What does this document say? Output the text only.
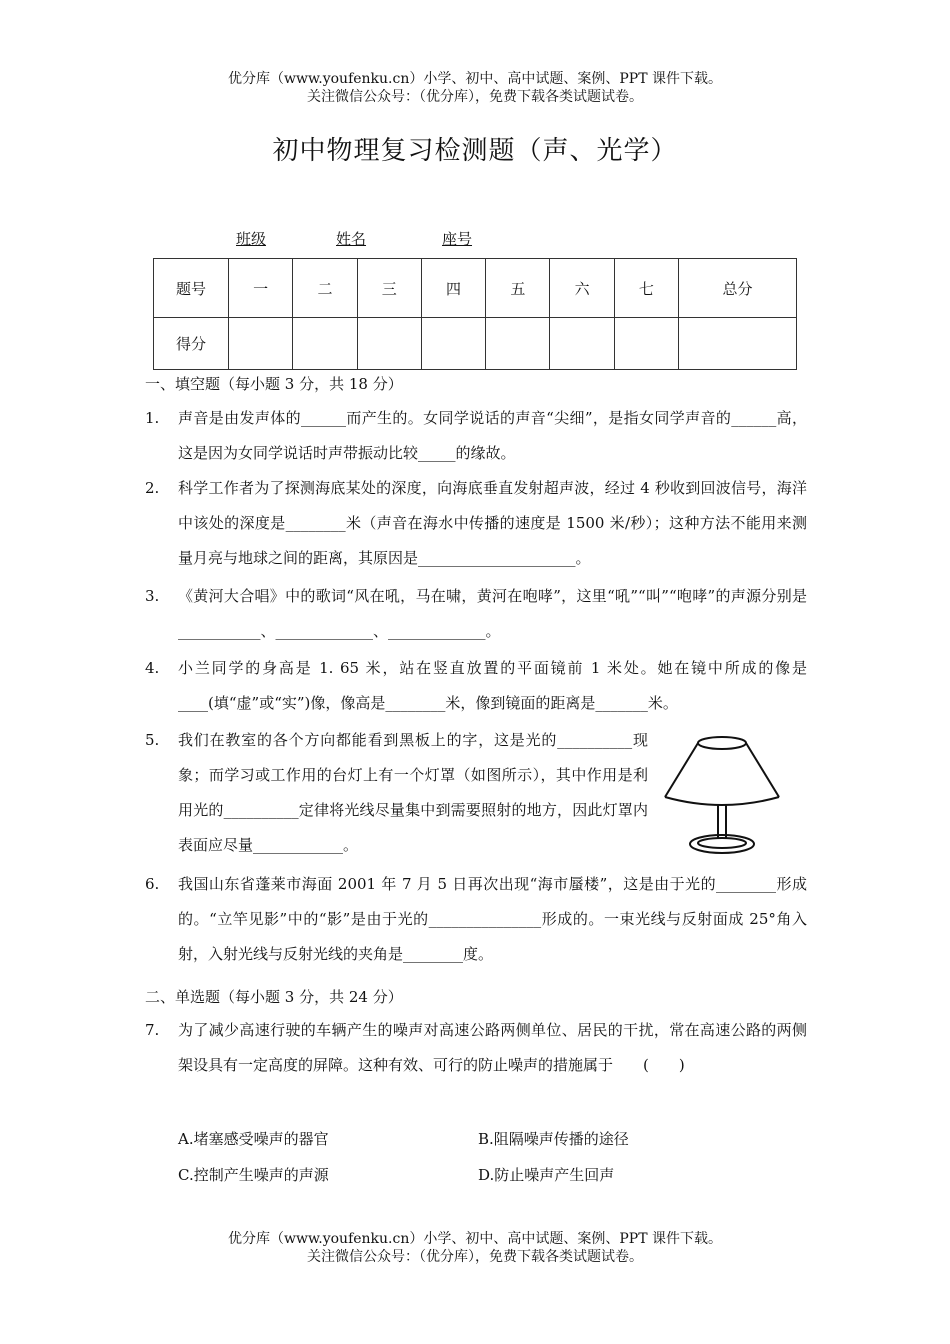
优分库（www.youfenku.cn）小学、初中、高中试题、案例、PPT 课件下载。
关注微信公众号：（优分库），免费下载各类试题试卷。
初中物理复习检测题（声、光学）
班级	姓名	座号
题号	一	二	三	四	五	六	七	总分
得分								
一、填空题（每小题 3 分，共 18 分）
1. 声音是由发声体的______而产生的。女同学说话的声音“尖细”，是指女同学声音的______高，这是因为女同学说话时声带振动比较_____的缘故。
2. 科学工作者为了探测海底某处的深度，向海底垂直发射超声波，经过 4 秒收到回波信号，海洋中该处的深度是________米（声音在海水中传播的速度是 1500 米/秒）；这种方法不能用来测量月亮与地球之间的距离，其原因是_____________________。
3. 《黄河大合唱》中的歌词“风在吼，马在啸，黄河在咆哮”，这里“吼”“叫”“咆哮”的声源分别是___________、_____________、_____________。
4. 小兰同学的身高是 1. 65 米，站在竖直放置的平面镜前 1 米处。她在镜中所成的像是____(填“虚”或“实”)像，像高是________米，像到镜面的距离是_______米。
5. 我们在教室的各个方向都能看到黑板上的字，这是光的__________现象；而学习或工作用的台灯上有一个灯罩（如图所示），其中作用是利用光的__________定律将光线尽量集中到需要照射的地方，因此灯罩内表面应尽量____________。
6. 我国山东省蓬莱市海面 2001 年 7 月 5 日再次出现“海市蜃楼”，这是由于光的________形成的。“立竿见影”中的“影”是由于光的_______________形成的。一束光线与反射面成 25°角入射，入射光线与反射光线的夹角是________度。
二、单选题（每小题 3 分，共 24 分）
7. 为了减少高速行驶的车辆产生的噪声对高速公路两侧单位、居民的干扰，常在高速公路的两侧架设具有一定高度的屏障。这种有效、可行的防止噪声的措施属于　　(　　)
A.堵塞感受噪声的器官	B.阻隔噪声传播的途径
C.控制产生噪声的声源	D.防止噪声产生回声
优分库（www.youfenku.cn）小学、初中、高中试题、案例、PPT 课件下载。
关注微信公众号：（优分库），免费下载各类试题试卷。
